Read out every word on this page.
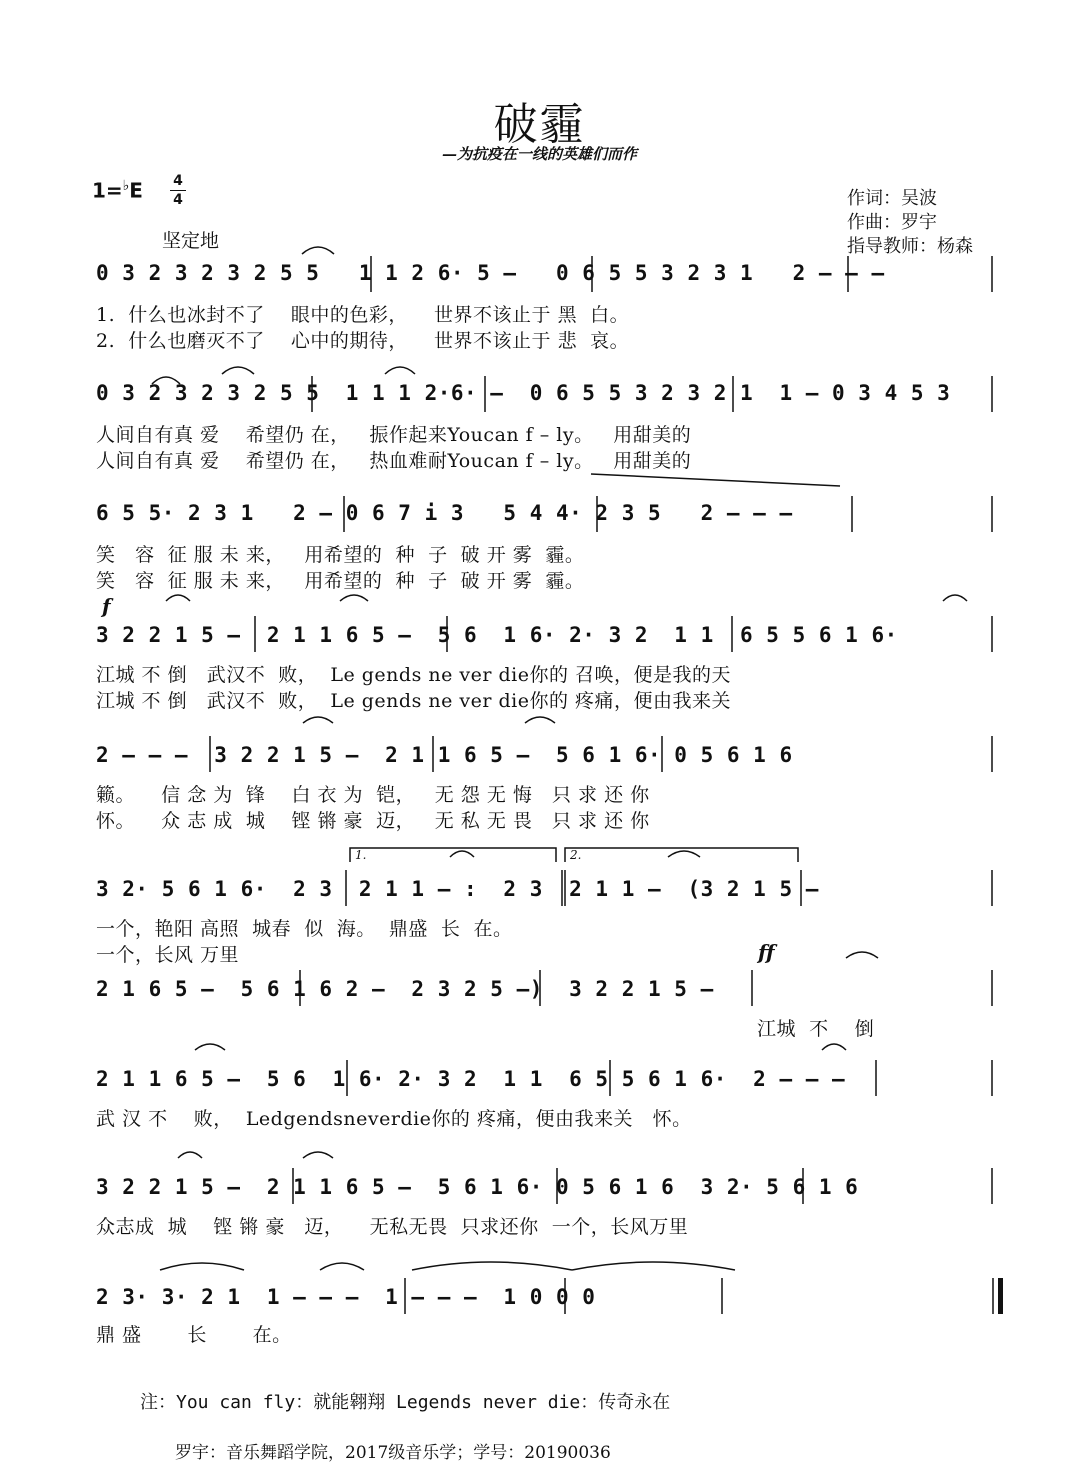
破霾
—为抗疫在一线的英雄们而作
1=♭E 4
4
坚定地
作词：吴波
作曲：罗宇
指导教师：杨森
0 3 2 3 2 3 2 5 5   1 1 2 6· 5 –   0 6 5 5 3 2 3 1   2 – – –
1.  什么也冰封不了    眼中的色彩，    世界不该止于 黑  白。
2.  什么也磨灭不了    心中的期待，    世界不该止于 悲  哀。
0 3 2 3 2 3 2 5 5  1 1 1 2·6· –  0 6 5 5 3 2 3 2 1  1 – 0 3 4 5 3
人间自有真 爱    希望仍 在，   振作起来Youcan f – ly。   用甜美的
人间自有真 爱    希望仍 在，   热血难耐Youcan f – ly。   用甜美的
6 5 5· 2 3 1   2 – 0 6 7 i 3   5 4 4· 2 3 5   2 – – –
笑   容  征 服 未 来，   用希望的  种  子  破 开 雾  霾。
笑   容  征 服 未 来，   用希望的  种  子  破 开 雾  霾。
f
3 2 2 1 5 –  2 1 1 6 5 –  5 6  1 6· 2· 3 2  1 1  6 5 5 6 1 6·
江城 不 倒   武汉不  败，  Le gends ne ver die你的 召唤，便是我的天
江城 不 倒   武汉不  败，  Le gends ne ver die你的 疼痛，便由我来关
2 – – –  3 2 2 1 5 –  2 1 1 6 5 –  5 6 1 6· 0 5 6 1 6
籁。    信 念 为  锋    白 衣 为  铠，   无 怨 无 悔   只 求 还 你
怀。    众 志 成  城    铿 锵 豪  迈，   无 私 无 畏   只 求 还 你
1.	2.
3 2· 5 6 1 6·  2 3  2 1 1 – :  2 3  2 1 1 –  (3 2 1 5 –
一个，艳阳 高照  城春  似  海。  鼎盛  长  在。
一个，长风 万里	ff
2 1 6 5 –  5 6 1 6 2 –  2 3 2 5 –)  3 2 2 1 5 –
江城  不    倒
2 1 1 6 5 –  5 6  1 6· 2· 3 2  1 1  6 5 5 6 1 6·  2 – – –
武 汉 不    败，  Ledgendsneverdie你的 疼痛，便由我来关   怀。
3 2 2 1 5 –  2 1 1 6 5 –  5 6 1 6· 0 5 6 1 6  3 2· 5 6 1 6
众志成  城    铿 锵 豪   迈，    无私无畏  只求还你  一个，长风万里
2 3· 3· 2 1  1 – – –  1 – – –  1 0 0 0
鼎 盛       长       在。
注：You can fly：就能翱翔 Legends never die：传奇永在
罗宇：音乐舞蹈学院，2017级音乐学；学号：20190036
